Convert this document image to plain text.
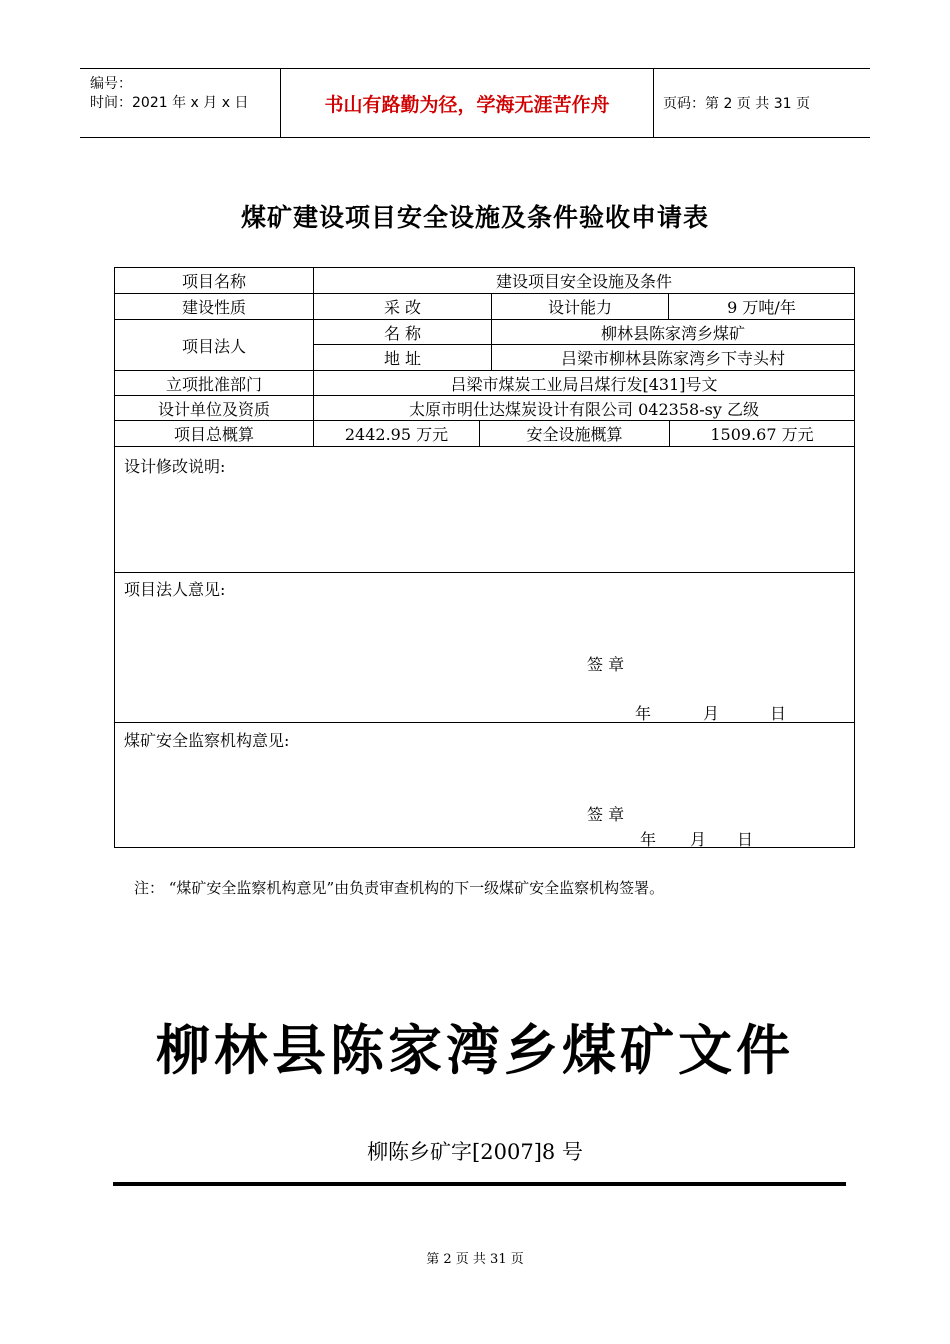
编号：
时间：2021 年 x 月 x 日	书山有路勤为径，学海无涯苦作舟	页码：第 2 页 共 31 页
煤矿建设项目安全设施及条件验收申请表
项目名称	建设项目安全设施及条件
建设性质	采 改	设计能力	9 万吨/年
项目法人
名 称	柳林县陈家湾乡煤矿
地 址	吕梁市柳林县陈家湾乡下寺头村
立项批准部门	吕梁市煤炭工业局吕煤行发[431]号文
设计单位及资质	太原市明仕达煤炭设计有限公司 042358-sy 乙级
项目总概算	2442.95 万元	安全设施概算	1509.67 万元
设计修改说明:
项目法人意见:
签 章
年	月	日
煤矿安全监察机构意见:
签 章
年 月 日
注： “煤矿安全监察机构意见”由负责审查机构的下一级煤矿安全监察机构签署。
柳林县陈家湾乡煤矿文件
柳陈乡矿字[2007]8 号
第 2 页 共 31 页
